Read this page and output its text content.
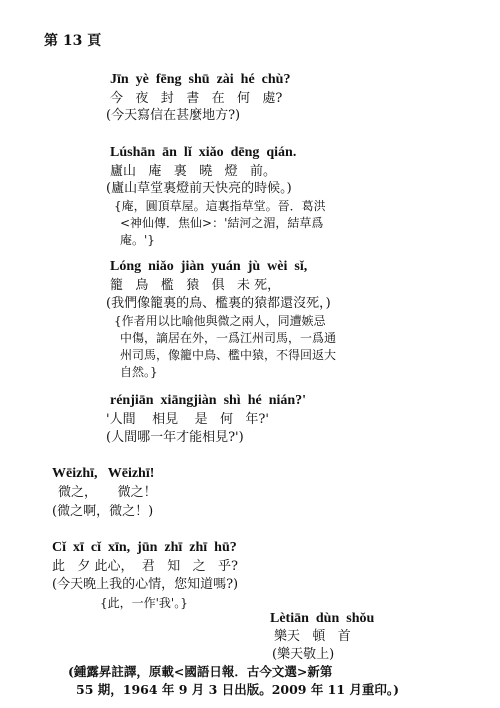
第 13 頁
Jīn  yè  fēng  shū  zài  hé  chù?
今   夜   封   書   在   何   處?
(今天寫信在甚麼地方?)
Lúshān  ān  lǐ  xiǎo  dēng  qián.
廬山   庵   裏   曉   燈   前。
(廬山草堂裏燈前天快亮的時候。)
{庵，圓頂草屋。這裏指草堂。晉．葛洪
<神仙傳．焦仙>：'結河之湄，結草爲
庵。'}
Lóng  niǎo  jiàn  yuán  jù  wèi  sǐ,
籠   鳥   檻   猿   俱   未 死，
(我們像籠裏的鳥、檻裏的猿都還沒死，)
{作者用以比喻他與微之兩人，同遭嫉忌
中傷，謫居在外，一爲江州司馬，一爲通
州司馬，像籠中鳥、檻中猿，不得回返大
自然。}
rénjiān  xiāngjiàn  shì  hé  nián?'
'人間    相見    是   何   年?'
(人間哪一年才能相見?')
Wēizhī,   Wēizhī!
微之，     微之！
(微之啊，微之！)
Cǐ  xī  cǐ  xīn,  jūn  zhī  zhī  hū?
此   夕 此心，  君   知   之   乎?
(今天晚上我的心情，您知道嗎?)
{此，一作'我'。}
Lètiān  dùn  shǒu
樂天   頓   首
(樂天敬上)
(鍾露昇註譯，原載<國語日報．古今文選>新第
55 期，1964 年 9 月 3 日出版。2009 年 11 月重印。)
